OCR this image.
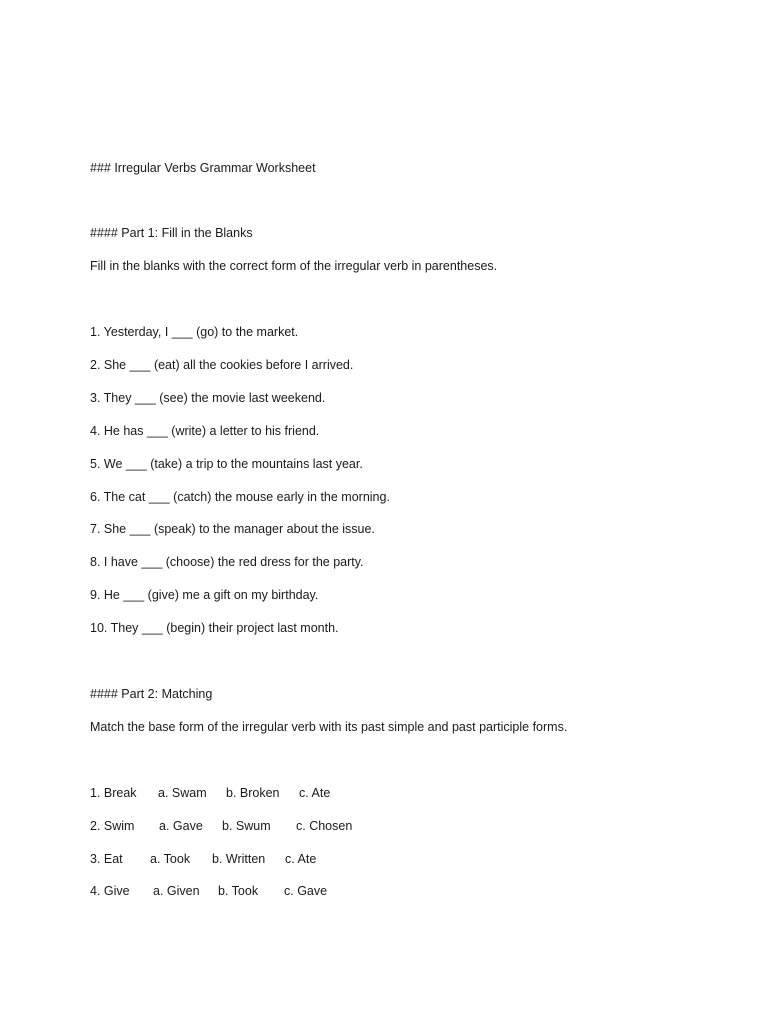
### Irregular Verbs Grammar Worksheet
#### Part 1: Fill in the Blanks
Fill in the blanks with the correct form of the irregular verb in parentheses.
1. Yesterday, I ___ (go) to the market.
2. She ___ (eat) all the cookies before I arrived.
3. They ___ (see) the movie last weekend.
4. He has ___ (write) a letter to his friend.
5. We ___ (take) a trip to the mountains last year.
6. The cat ___ (catch) the mouse early in the morning.
7. She ___ (speak) to the manager about the issue.
8. I have ___ (choose) the red dress for the party.
9. He ___ (give) me a gift on my birthday.
10. They ___ (begin) their project last month.
#### Part 2: Matching
Match the base form of the irregular verb with its past simple and past participle forms.
1. Break a. Swam b. Broken c. Ate
2. Swim a. Gave b. Swum c. Chosen
3. Eat a. Took b. Written c. Ate
4. Give a. Given b. Took c. Gave
